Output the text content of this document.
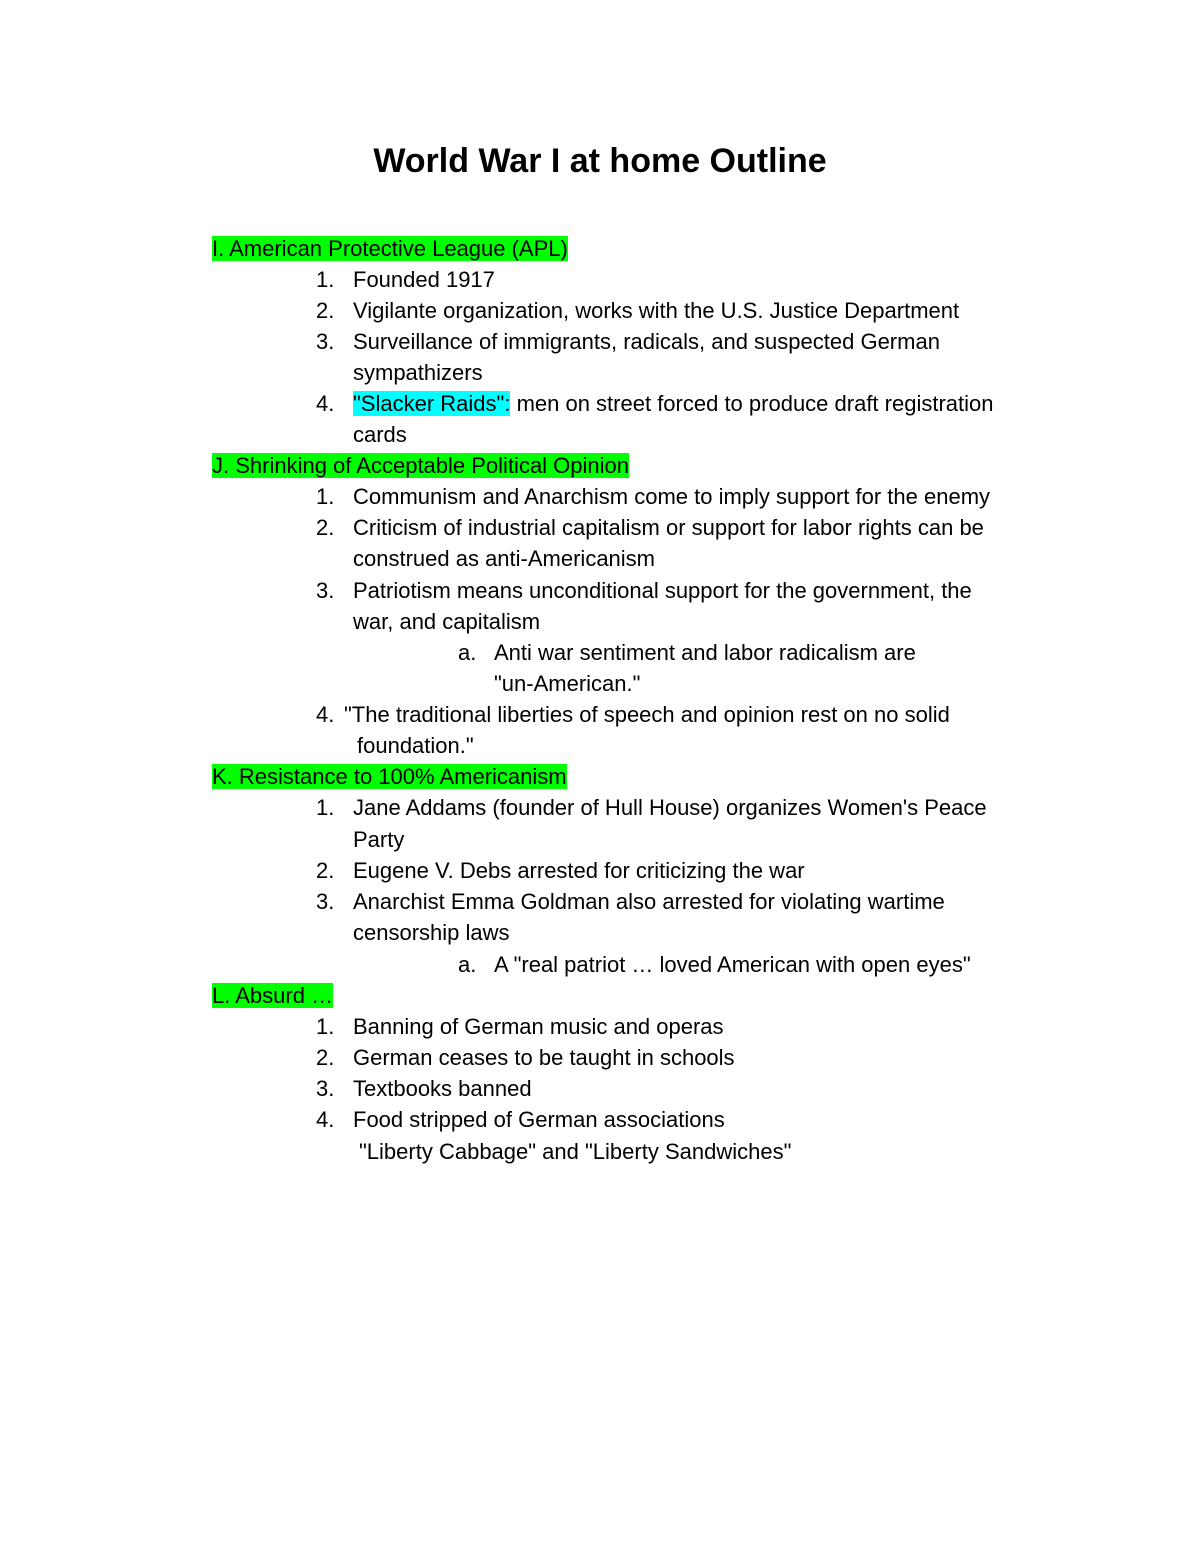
World War I at home Outline
I. American Protective League (APL)
1. Founded 1917
2. Vigilante organization, works with the U.S. Justice Department
3. Surveillance of immigrants, radicals, and suspected German
sympathizers
4. "Slacker Raids": men on street forced to produce draft registration
cards
J. Shrinking of Acceptable Political Opinion
1. Communism and Anarchism come to imply support for the enemy
2. Criticism of industrial capitalism or support for labor rights can be
construed as anti-Americanism
3. Patriotism means unconditional support for the government, the
war, and capitalism
a. Anti war sentiment and labor radicalism are
"un-American."
4. "The traditional liberties of speech and opinion rest on no solid
foundation."
K. Resistance to 100% Americanism
1. Jane Addams (founder of Hull House) organizes Women's Peace
Party
2. Eugene V. Debs arrested for criticizing the war
3. Anarchist Emma Goldman also arrested for violating wartime
censorship laws
a. A "real patriot … loved American with open eyes"
L. Absurd …
1. Banning of German music and operas
2. German ceases to be taught in schools
3. Textbooks banned
4. Food stripped of German associations
"Liberty Cabbage" and "Liberty Sandwiches"
